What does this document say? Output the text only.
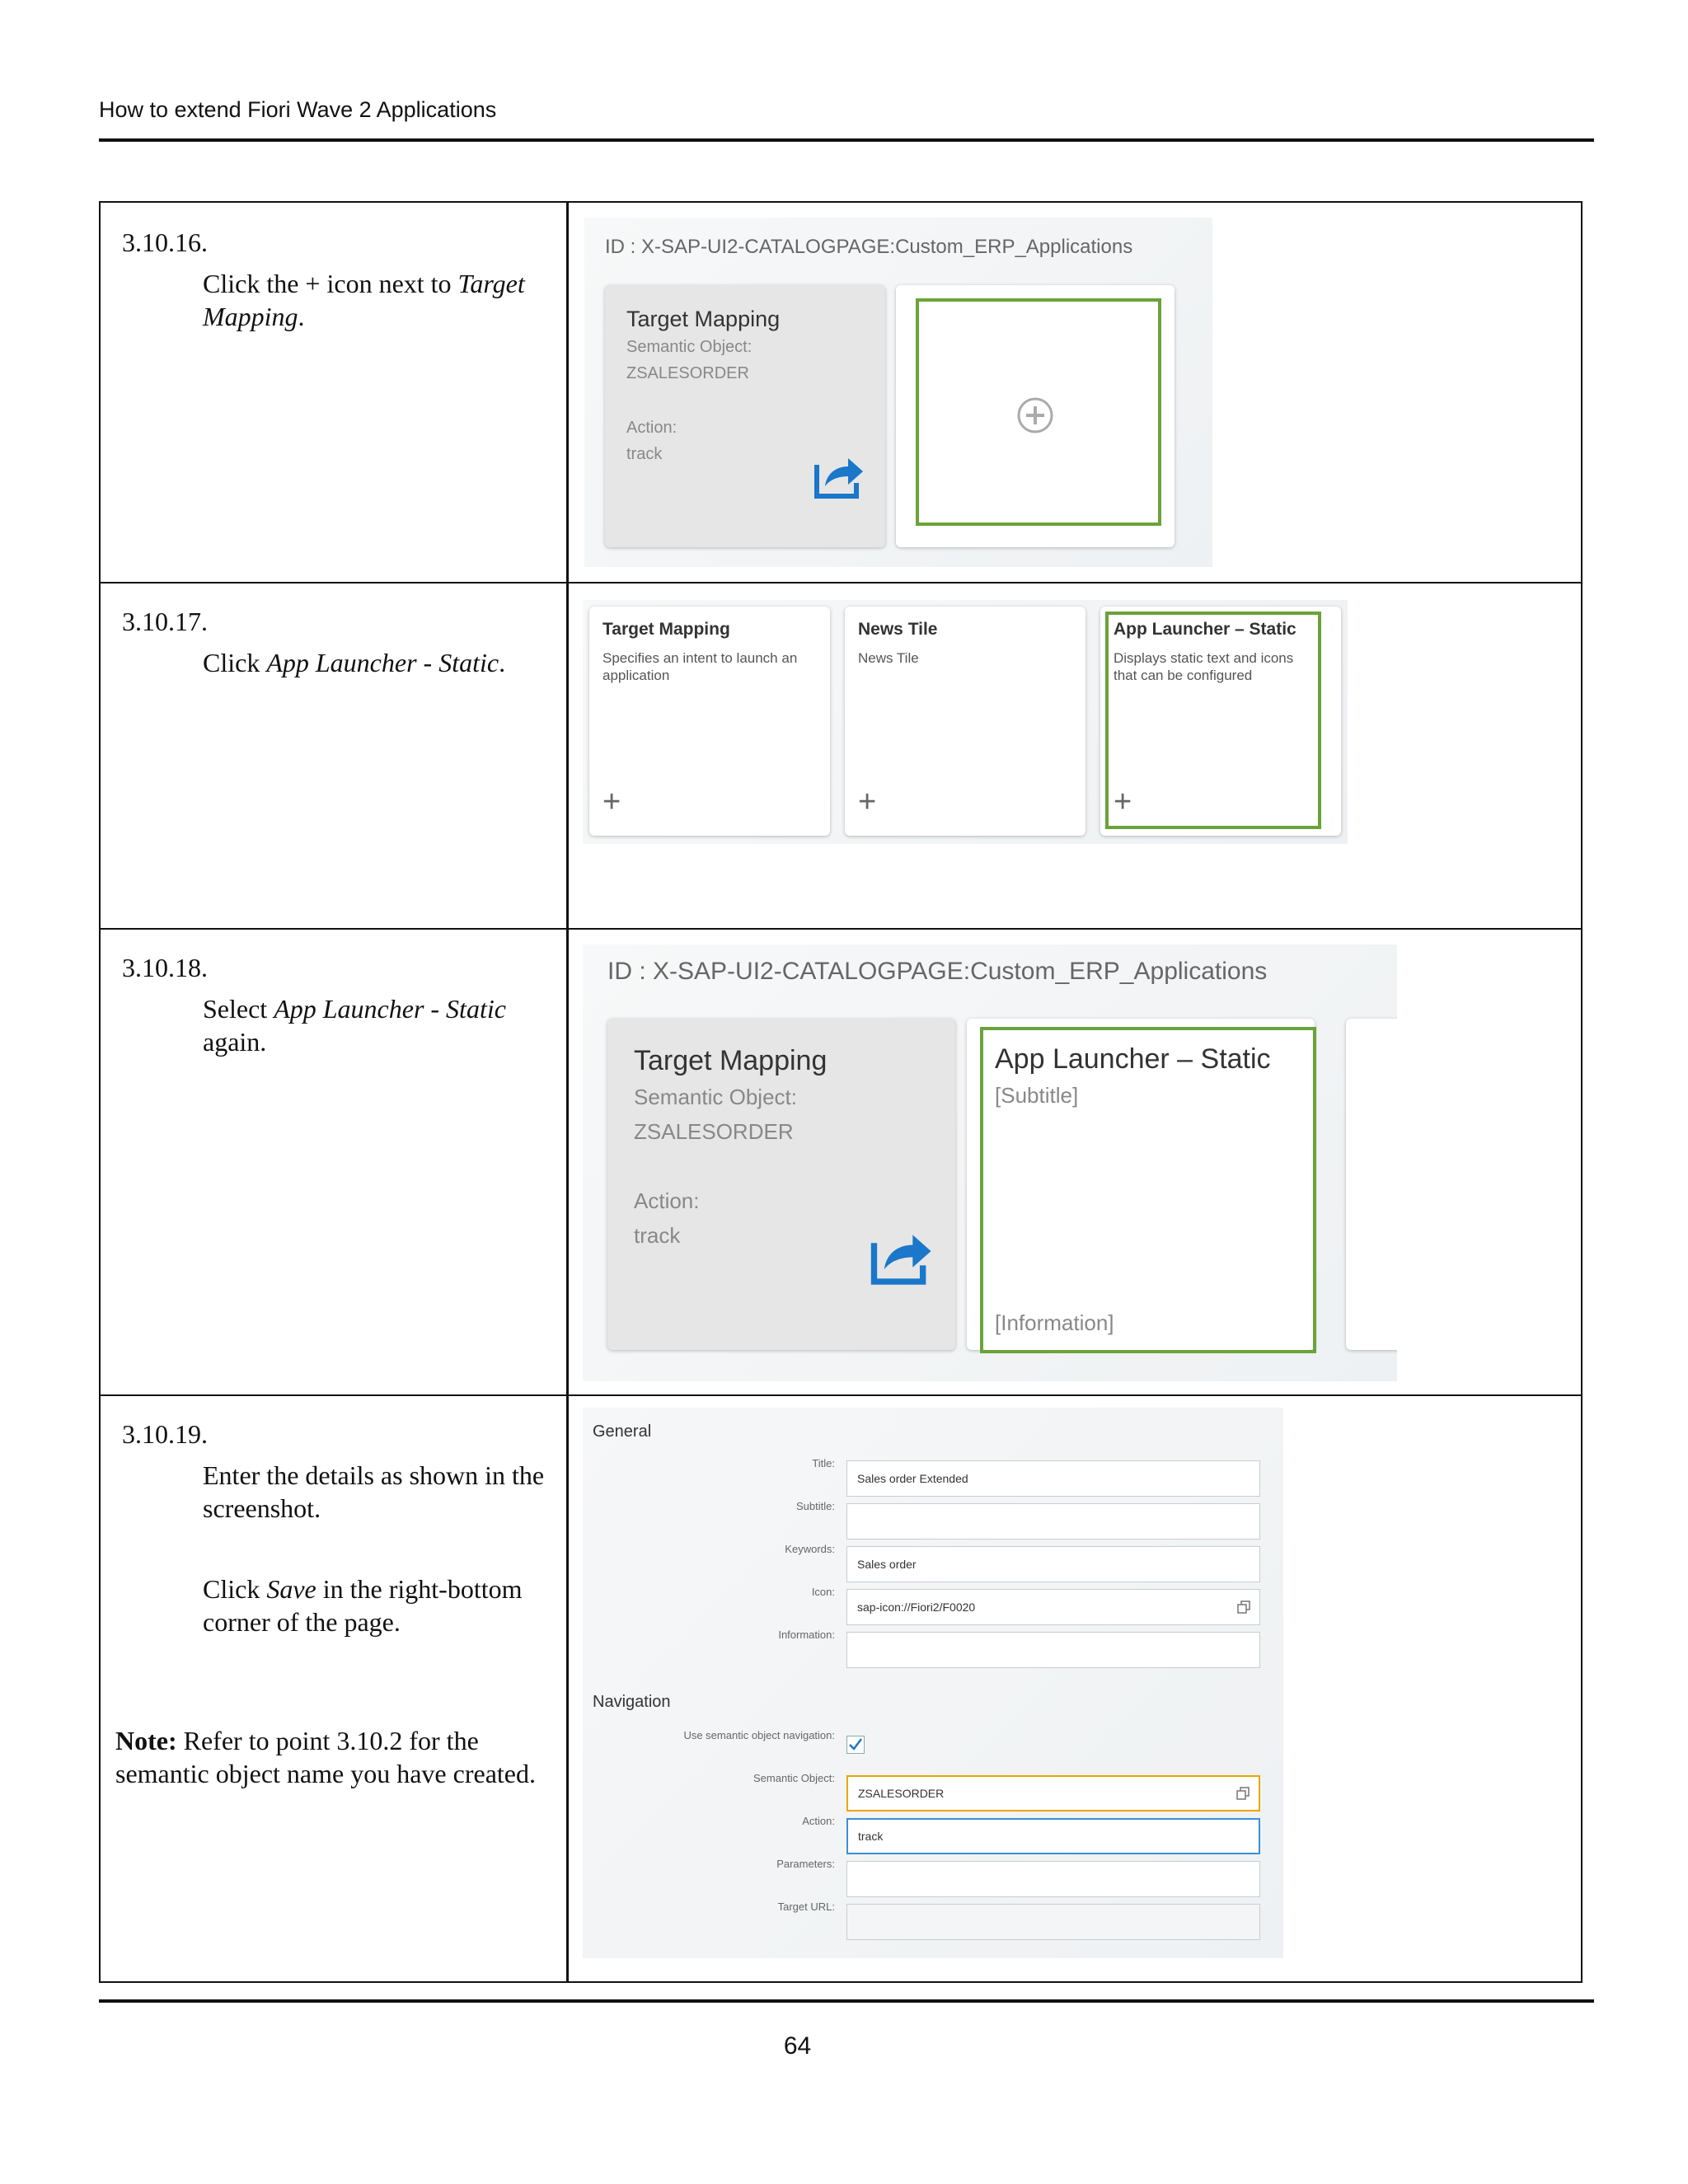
How to extend Fiori Wave 2 Applications
3.10.16.
Click the + icon next to Target Mapping.
ID : X-SAP-UI2-CATALOGPAGE:Custom_ERP_Applications
Target Mapping
Semantic Object:
ZSALESORDER
Action:
track
3.10.17.
Click App Launcher - Static.
Target Mapping
Specifies an intent to launch an application
+
News Tile
News Tile
+
App Launcher – Static
Displays static text and icons that can be configured
+
3.10.18.
Select App Launcher - Static again.
ID : X-SAP-UI2-CATALOGPAGE:Custom_ERP_Applications
Target Mapping
Semantic Object:
ZSALESORDER
Action:
track
App Launcher – Static
[Subtitle]
[Information]
3.10.19.
Enter the details as shown in the screenshot.
Click Save in the right-bottom corner of the page.
Note: Refer to point 3.10.2 for the semantic object name you have created.
General
Title:
Sales order Extended
Subtitle:
Keywords:
Sales order
Icon:
sap-icon://Fiori2/F0020
Information:
Navigation
Use semantic object navigation:
Semantic Object:
ZSALESORDER
Action:
track
Parameters:
Target URL:
64
